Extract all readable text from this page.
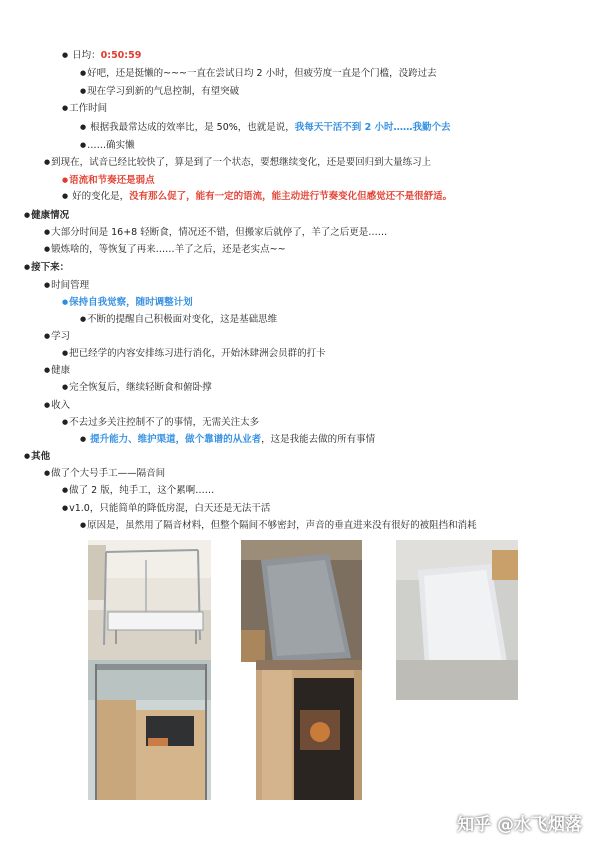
● 日均：0:50:59
● 好吧，还是挺懒的~~~一直在尝试日均 2 小时，但疲劳度一直是个门槛，没跨过去
● 现在学习到新的气息控制，有望突破
● 工作时间
● 根据我最常达成的效率比，是 50%，也就是说，我每天干活不到 2 小时……我勤个去
● ……确实懒
● 到现在，试音已经比较快了，算是到了一个状态，要想继续变化，还是要回归到大量练习上
● 语流和节奏还是弱点
● 好的变化是，没有那么促了，能有一定的语流，能主动进行节奏变化但感觉还不是很舒适。
● 健康情况
● 大部分时间是 16+8 轻断食，情况还不错，但搬家后就停了，羊了之后更是……
● 锻炼啥的，等恢复了再来……羊了之后，还是老实点~~
● 接下来：
● 时间管理
● 保持自我觉察，随时调整计划
● 不断的提醒自己积极面对变化，这是基础思维
● 学习
● 把已经学的内容安排练习进行消化，开始沐肆洲会员群的打卡
● 健康
● 完全恢复后，继续轻断食和俯卧撑
● 收入
● 不去过多关注控制不了的事情，无需关注太多
● 提升能力、维护渠道，做个靠谱的从业者，这是我能去做的所有事情
● 其他
● 做了个大号手工——隔音间
● 做了 2 版，纯手工，这个累啊……
● v1.0，只能简单的降低房混，白天还是无法干活
● 原因是，虽然用了隔音材料，但整个隔间不够密封，声音的垂直进来没有很好的被阻挡和消耗
知乎 @水飞烟落
